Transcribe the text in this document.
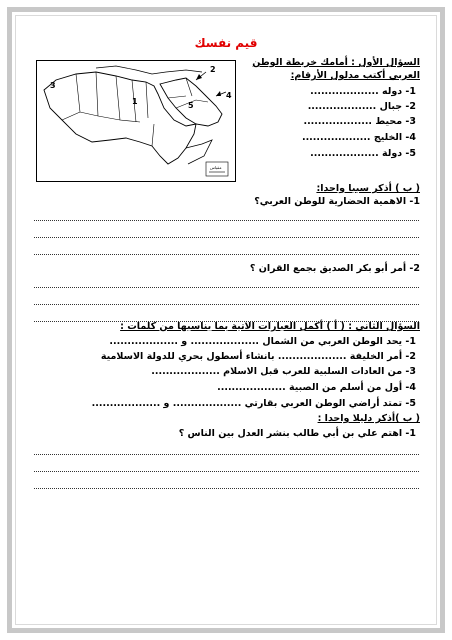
قيم نفسك
1
2
3
4
5
مقياس
السؤال الأول : أمامك خريطة الوطن
العربي أكتب مدلول الأرقام:
1- دوله ...................
2- جبال ...................
3- محيط ...................
4- الخليج ...................
5- دولة ...................
( ب ) أذكر سببا واحدا:
1- الاهمية الحضارية للوطن العربي؟
2- أمر أبو بكر الصديق بجمع القران ؟
السؤال الثاني : ( أ ) أكمل العبارات الاتية بما يناسبها من كلمات :
1- يحد الوطن العربي من الشمال ................... و ...................
2- أمر الخليفة ................... بانشاء أسطول بحري للدولة الاسلامية
3- من العادات السلبية للعرب قبل الاسلام ...................
4- أول من أسلم من الصبية ...................
5- تمتد أراضي الوطن العربي بقارتي ................... و ...................
( ب )أذكر دليلا واحدا :
1- اهتم علي بن أبي طالب بنشر العدل بين الناس ؟
